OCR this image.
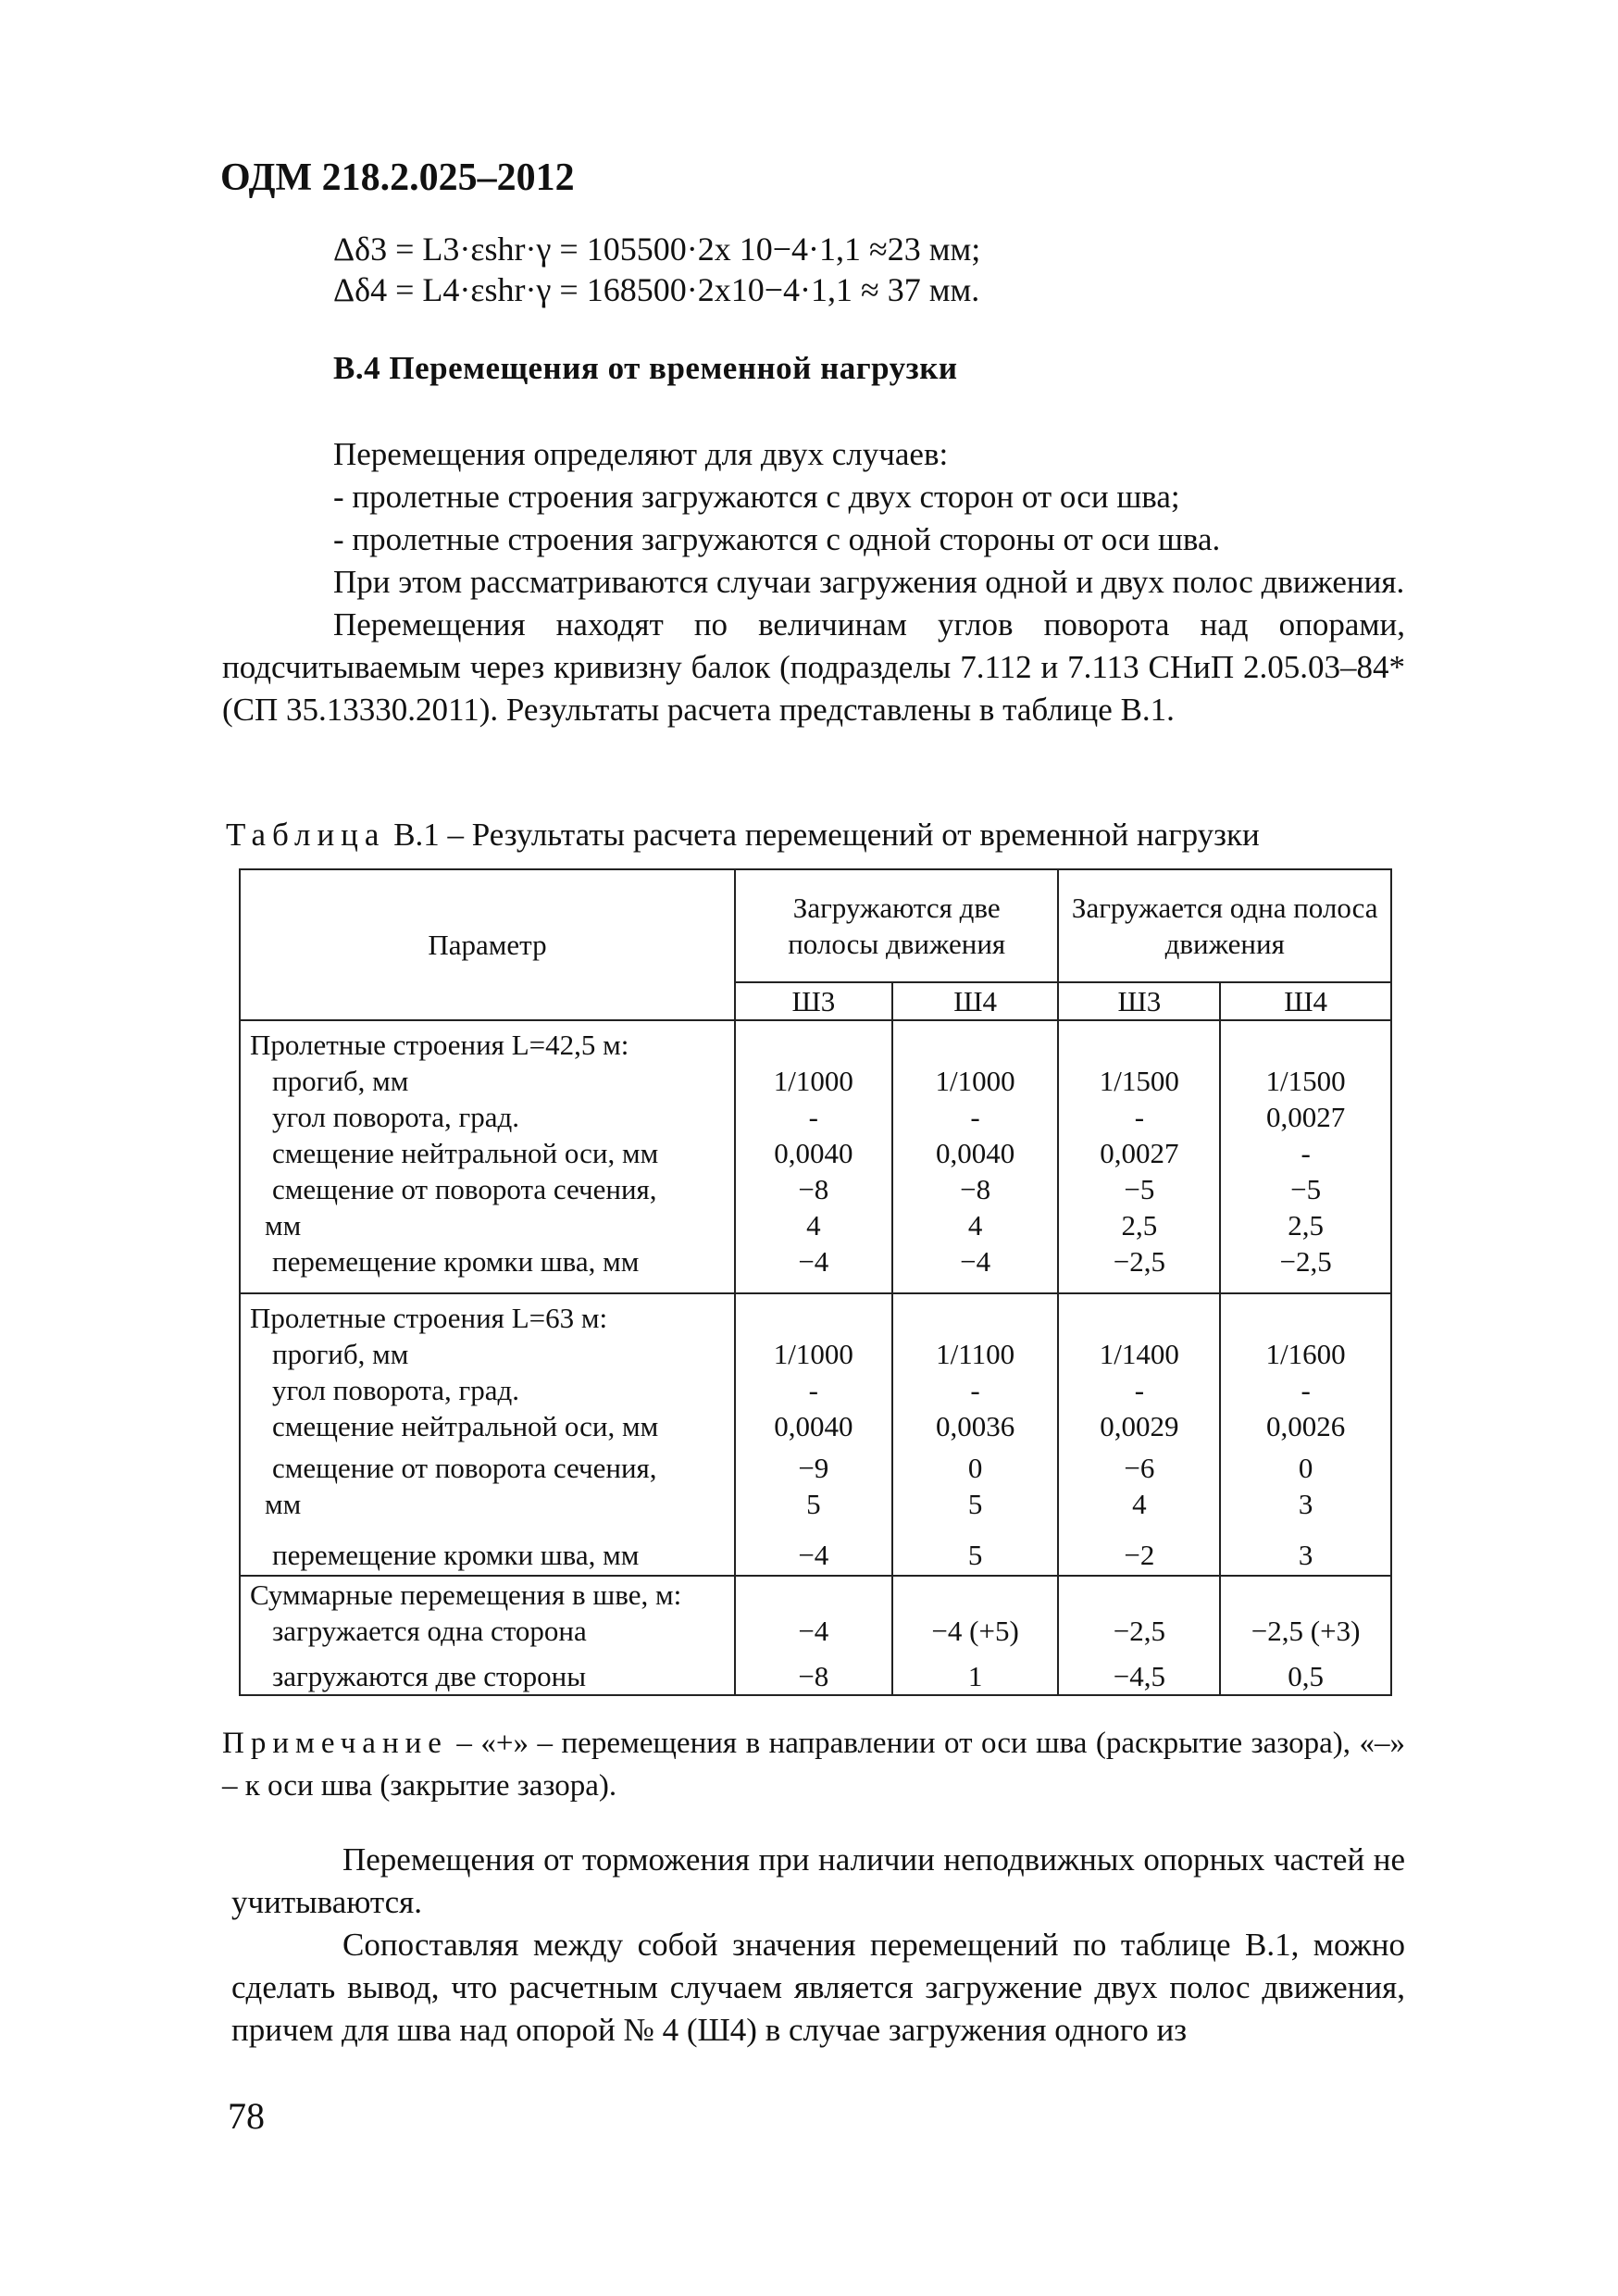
ОДМ 218.2.025–2012
Δδ3 = L3·εshr·γ = 105500·2x 10−4·1,1 ≈23 мм;
Δδ4 = L4·εshr·γ = 168500·2x10−4·1,1 ≈ 37 мм.
В.4 Перемещения от временной нагрузки

Перемещения определяют для двух случаев:

- пролетные строения загружаются с двух сторон от оси шва;

- пролетные строения загружаются с одной стороны от оси шва.

При этом рассматриваются случаи загружения одной и двух полос движения.

Перемещения находят по величинам углов поворота над опорами, подсчитываемым через кривизну балок (подразделы 7.112 и 7.113 СНиП 2.05.03–84* (СП 35.13330.2011). Результаты расчета представлены в таблице В.1.

Таблица В.1 – Результаты расчета перемещений от временной нагрузки
Параметр	Загружаются две полосы движения		Загружается одна полоса движения	
	Ш3	Ш4	Ш3	Ш4
Пролетные строения L=42,5 м:				
прогиб, мм	1/1000	1/1000	1/1500	1/1500
угол поворота, град.	-	-	-	0,0027
смещение нейтральной оси, мм	0,0040	0,0040	0,0027	-
смещение от поворота сечения,	−8	−8	−5	−5
мм	4	4	2,5	2,5
перемещение кромки шва, мм	−4	−4	−2,5	−2,5
Пролетные строения L=63 м:				
прогиб, мм	1/1000	1/1100	1/1400	1/1600
угол поворота, град.	-	-	-	-
смещение нейтральной оси, мм	0,0040	0,0036	0,0029	0,0026
смещение от поворота сечения,	−9	0	−6	0
мм	5	5	4	3
перемещение кромки шва, мм	−4	5	−2	3
Суммарные перемещения в шве, м:				
загружается одна сторона	−4	−4 (+5)	−2,5	−2,5 (+3)
загружаются две стороны	−8	1	−4,5	0,5
Примечание – «+» – перемещения в направлении от оси шва (раскрытие зазора), «–» – к оси шва (закрытие зазора).

Перемещения от торможения при наличии неподвижных опорных частей не учитываются.

Сопоставляя между собой значения перемещений по таблице В.1, можно сделать вывод, что расчетным случаем является загружение двух полос движения, причем для шва над опорой № 4 (Ш4) в случае загружения одного из

78
